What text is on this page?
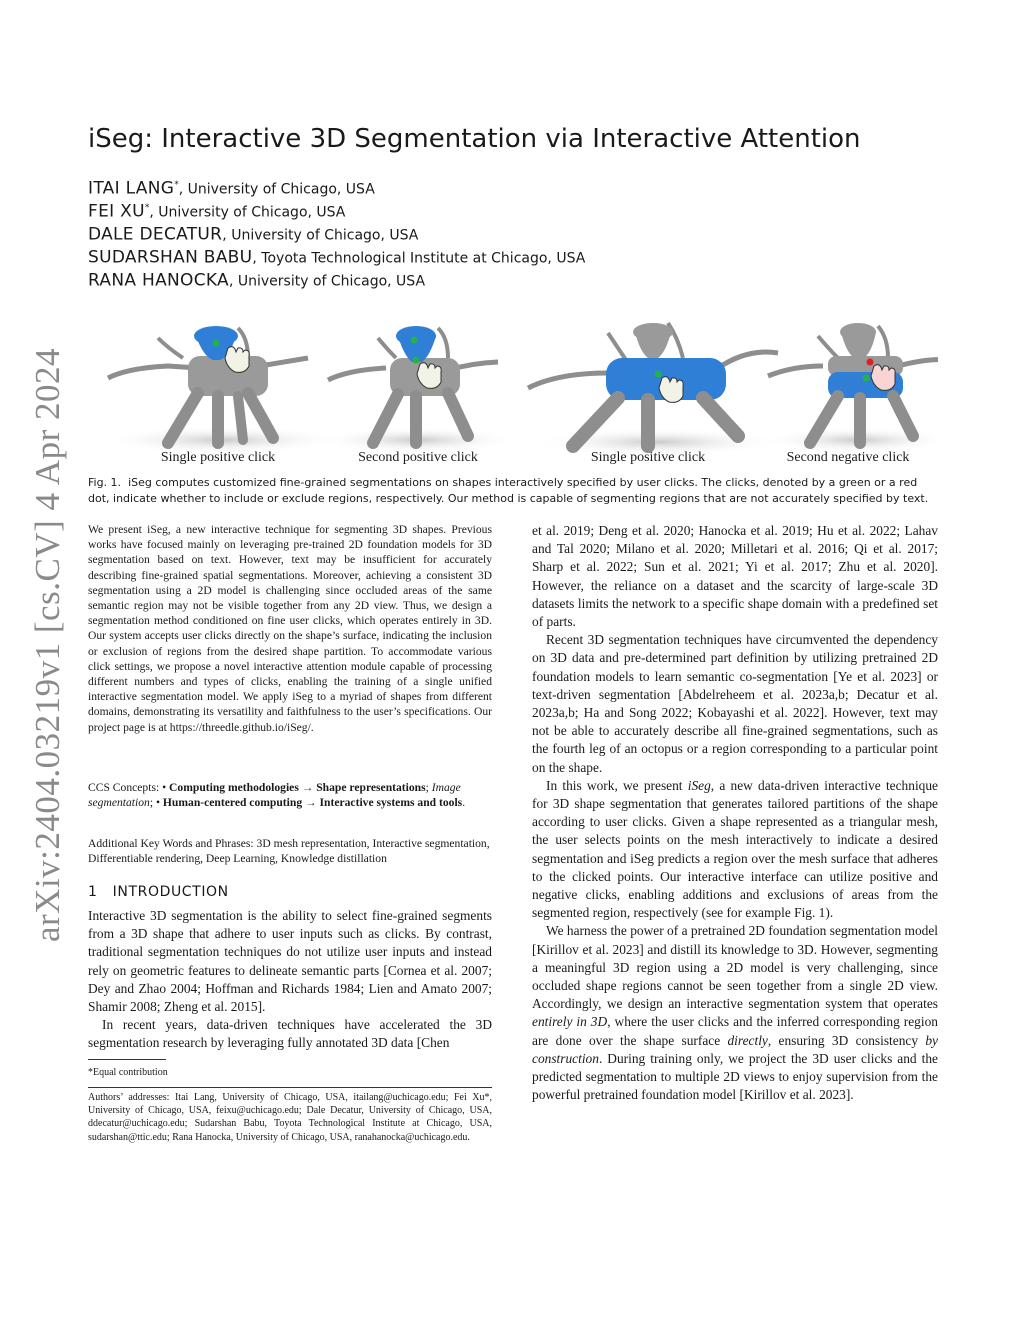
arXiv:2404.03219v1 [cs.CV] 4 Apr 2024
iSeg: Interactive 3D Segmentation via Interactive Attention
ITAI LANG*, University of Chicago, USA
FEI XU*, University of Chicago, USA
DALE DECATUR, University of Chicago, USA
SUDARSHAN BABU, Toyota Technological Institute at Chicago, USA
RANA HANOCKA, University of Chicago, USA
Single positive click	Second positive click	Single positive click	Second negative click
Fig. 1. iSeg computes customized fine-grained segmentations on shapes interactively specified by user clicks. The clicks, denoted by a green or a red dot, indicate whether to include or exclude regions, respectively. Our method is capable of segmenting regions that are not accurately specified by text.
We present iSeg, a new interactive technique for segmenting 3D shapes. Previous works have focused mainly on leveraging pre-trained 2D foundation models for 3D segmentation based on text. However, text may be insufficient for accurately describing fine-grained spatial segmentations. Moreover, achieving a consistent 3D segmentation using a 2D model is challenging since occluded areas of the same semantic region may not be visible together from any 2D view. Thus, we design a segmentation method conditioned on fine user clicks, which operates entirely in 3D. Our system accepts user clicks directly on the shape’s surface, indicating the inclusion or exclusion of regions from the desired shape partition. To accommodate various click settings, we propose a novel interactive attention module capable of processing different numbers and types of clicks, enabling the training of a single unified interactive segmentation model. We apply iSeg to a myriad of shapes from different domains, demonstrating its versatility and faithfulness to the user’s specifications. Our project page is at https://threedle.github.io/iSeg/.
CCS Concepts: • Computing methodologies → Shape representations; Image segmentation; • Human-centered computing → Interactive systems and tools.
Additional Key Words and Phrases: 3D mesh representation, Interactive segmentation, Differentiable rendering, Deep Learning, Knowledge distillation
1 INTRODUCTION

Interactive 3D segmentation is the ability to select fine-grained segments from a 3D shape that adhere to user inputs such as clicks. By contrast, traditional segmentation techniques do not utilize user inputs and instead rely on geometric features to delineate semantic parts [Cornea et al. 2007; Dey and Zhao 2004; Hoffman and Richards 1984; Lien and Amato 2007; Shamir 2008; Zheng et al. 2015].

In recent years, data-driven techniques have accelerated the 3D segmentation research by leveraging fully annotated 3D data [Chen

*Equal contribution
Authors’ addresses: Itai Lang, University of Chicago, USA, itailang@uchicago.edu; Fei Xu*, University of Chicago, USA, feixu@uchicago.edu; Dale Decatur, University of Chicago, USA, ddecatur@uchicago.edu; Sudarshan Babu, Toyota Technological Institute at Chicago, USA, sudarshan@ttic.edu; Rana Hanocka, University of Chicago, USA, ranahanocka@uchicago.edu.

et al. 2019; Deng et al. 2020; Hanocka et al. 2019; Hu et al. 2022; Lahav and Tal 2020; Milano et al. 2020; Milletari et al. 2016; Qi et al. 2017; Sharp et al. 2022; Sun et al. 2021; Yi et al. 2017; Zhu et al. 2020]. However, the reliance on a dataset and the scarcity of large-scale 3D datasets limits the network to a specific shape domain with a predefined set of parts.

Recent 3D segmentation techniques have circumvented the dependency on 3D data and pre-determined part definition by utilizing pretrained 2D foundation models to learn semantic co-segmentation [Ye et al. 2023] or text-driven segmentation [Abdelreheem et al. 2023a,b; Decatur et al. 2023a,b; Ha and Song 2022; Kobayashi et al. 2022]. However, text may not be able to accurately describe all fine-grained segmentations, such as the fourth leg of an octopus or a region corresponding to a particular point on the shape.

In this work, we present iSeg, a new data-driven interactive technique for 3D shape segmentation that generates tailored partitions of the shape according to user clicks. Given a shape represented as a triangular mesh, the user selects points on the mesh interactively to indicate a desired segmentation and iSeg predicts a region over the mesh surface that adheres to the clicked points. Our interactive interface can utilize positive and negative clicks, enabling additions and exclusions of areas from the segmented region, respectively (see for example Fig. 1).

We harness the power of a pretrained 2D foundation segmentation model [Kirillov et al. 2023] and distill its knowledge to 3D. However, segmenting a meaningful 3D region using a 2D model is very challenging, since occluded shape regions cannot be seen together from a single 2D view. Accordingly, we design an interactive segmentation system that operates entirely in 3D, where the user clicks and the inferred corresponding region are done over the shape surface directly, ensuring 3D consistency by construction. During training only, we project the 3D user clicks and the predicted segmentation to multiple 2D views to enjoy supervision from the powerful pretrained foundation model [Kirillov et al. 2023].
